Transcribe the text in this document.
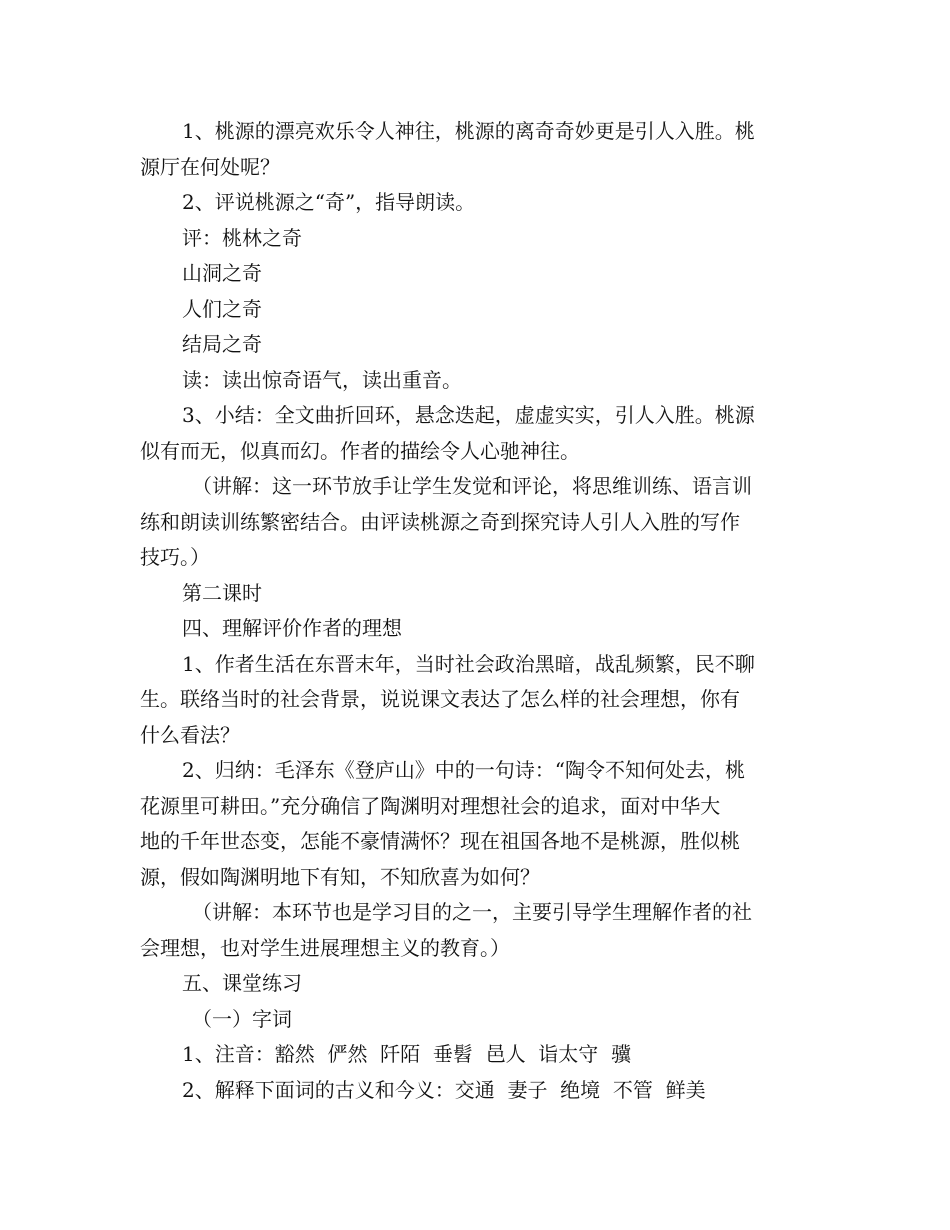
1、桃源的漂亮欢乐令人神往，桃源的离奇奇妙更是引人入胜。桃
源厅在何处呢？
2、评说桃源之“奇”，指导朗读。
评：桃林之奇
山洞之奇
人们之奇
结局之奇
读：读出惊奇语气，读出重音。
3、小结：全文曲折回环，悬念迭起，虚虚实实，引人入胜。桃源
似有而无，似真而幻。作者的描绘令人心驰神往。
（讲解：这一环节放手让学生发觉和评论，将思维训练、语言训
练和朗读训练繁密结合。由评读桃源之奇到探究诗人引人入胜的写作
技巧。）
第二课时
四、理解评价作者的理想
1、作者生活在东晋末年，当时社会政治黑暗，战乱频繁，民不聊
生。联络当时的社会背景，说说课文表达了怎么样的社会理想，你有
什么看法？
2、归纳：毛泽东《登庐山》中的一句诗：“陶令不知何处去，桃
花源里可耕田。”充分确信了陶渊明对理想社会的追求，面对中华大
地的千年世态变，怎能不豪情满怀？现在祖国各地不是桃源，胜似桃
源，假如陶渊明地下有知，不知欣喜为如何？
（讲解：本环节也是学习目的之一，主要引导学生理解作者的社
会理想，也对学生进展理想主义的教育。）
五、课堂练习
（一）字词
1、注音：豁然  俨然  阡陌  垂髫  邑人  诣太守  骥
2、解释下面词的古义和今义：交通  妻子  绝境  不管  鲜美
